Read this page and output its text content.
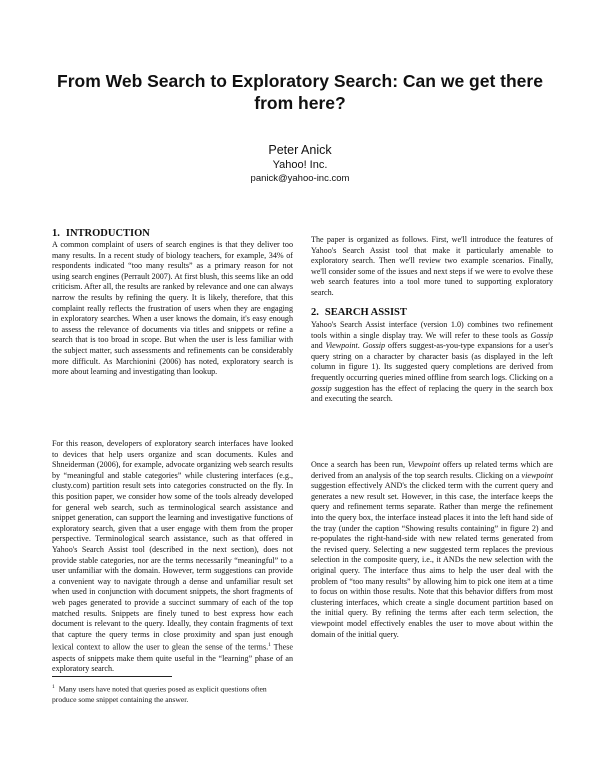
From Web Search to Exploratory Search: Can we get there from here?
Peter Anick
Yahoo! Inc.
panick@yahoo-inc.com
1. INTRODUCTION

A common complaint of users of search engines is that they deliver too many results. In a recent study of biology teachers, for example, 34% of respondents indicated “too many results” as a primary reason for not using search engines (Perrault 2007). At first blush, this seems like an odd criticism. After all, the results are ranked by relevance and one can always narrow the results by refining the query. It is likely, therefore, that this complaint really reflects the frustration of users when they are engaging in exploratory searches. When a user knows the domain, it's easy enough to assess the relevance of documents via titles and snippets or refine a search that is too broad in scope. But when the user is less familiar with the subject matter, such assessments and refinements can be considerably more difficult. As Marchionini (2006) has noted, exploratory search is more about learning and investigating than lookup.

For this reason, developers of exploratory search interfaces have looked to devices that help users organize and scan documents. Kules and Shneiderman (2006), for example, advocate organizing web search results by “meaningful and stable categories” while clustering interfaces (e.g., clusty.com) partition result sets into categories constructed on the fly. In this position paper, we consider how some of the tools already developed for general web search, such as terminological search assistance and snippet generation, can support the learning and investigative functions of exploratory search, given that a user engage with them from the proper perspective. Terminological search assistance, such as that offered in Yahoo's Search Assist tool (described in the next section), does not provide stable categories, nor are the terms necessarily “meaningful” to a user unfamiliar with the domain. However, term suggestions can provide a convenient way to navigate through a dense and unfamiliar result set when used in conjunction with document snippets, the short fragments of web pages generated to provide a succinct summary of each of the top matched results. Snippets are finely tuned to best express how each document is relevant to the query. Ideally, they contain fragments of text that capture the query terms in close proximity and span just enough lexical context to allow the user to glean the sense of the terms.$^1$ These aspects of snippets make them quite useful in the “learning” phase of an exploratory search.

$^1$ Many users have noted that queries posed as explicit questions often produce some snippet containing the answer.

The paper is organized as follows. First, we'll introduce the features of Yahoo's Search Assist tool that make it particularly amenable to exploratory search. Then we'll review two example scenarios. Finally, we'll consider some of the issues and next steps if we were to evolve these web search features into a tool more tuned to supporting exploratory search.

2. SEARCH ASSIST

Yahoo's Search Assist interface (version 1.0) combines two refinement tools within a single display tray. We will refer to these tools as Gossip and Viewpoint. Gossip offers suggest-as-you-type expansions for a user's query string on a character by character basis (as displayed in the left column in figure 1). Its suggested query completions are derived from frequently occurring queries mined offline from search logs. Clicking on a gossip suggestion has the effect of replacing the query in the search box and executing the search.

Once a search has been run, Viewpoint offers up related terms which are derived from an analysis of the top search results. Clicking on a viewpoint suggestion effectively AND's the clicked term with the current query and generates a new result set. However, in this case, the interface keeps the query and refinement terms separate. Rather than merge the refinement into the query box, the interface instead places it into the left hand side of the tray (under the caption “Showing results containing” in figure 2) and re-populates the right-hand-side with new related terms generated from the revised query. Selecting a new suggested term replaces the previous selection in the composite query, i.e., it ANDs the new selection with the original query. The interface thus aims to help the user deal with the problem of “too many results” by allowing him to pick one item at a time to focus on within those results. Note that this behavior differs from most clustering interfaces, which create a single document partition based on the initial query. By refining the terms after each term selection, the viewpoint model effectively enables the user to move about within the domain of the initial query.
